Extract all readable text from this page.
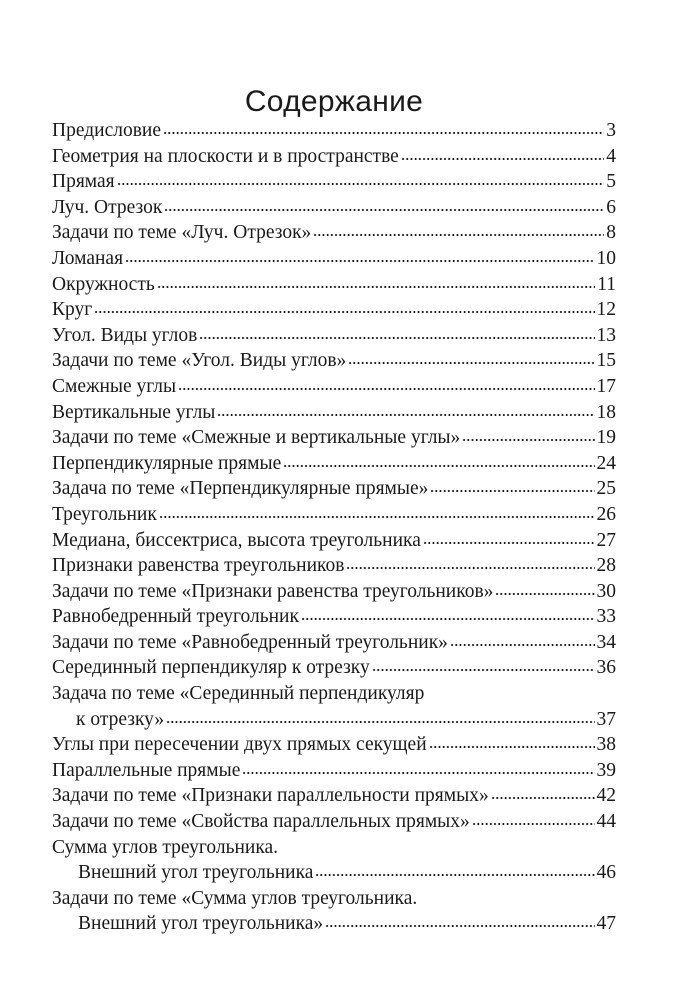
Содержание
Предисловие	3
Геометрия на плоскости и в пространстве	4
Прямая	5
Луч. Отрезок	6
Задачи по теме «Луч. Отрезок»	8
Ломаная	10
Окружность	11
Круг	12
Угол. Виды углов	13
Задачи по теме «Угол. Виды углов»	15
Смежные углы	17
Вертикальные углы	18
Задачи по теме «Смежные и вертикальные углы»	19
Перпендикулярные прямые	24
Задача по теме «Перпендикулярные прямые»	25
Треугольник	26
Медиана, биссектриса, высота треугольника	27
Признаки равенства треугольников	28
Задачи по теме «Признаки равенства треугольников»	30
Равнобедренный треугольник	33
Задачи по теме «Равнобедренный треугольник»	34
Серединный перпендикуляр к отрезку	36
Задача по теме «Серединный перпендикуляр
к отрезку»	37
Углы при пересечении двух прямых секущей	38
Параллельные прямые	39
Задачи по теме «Признаки параллельности прямых»	42
Задачи по теме «Свойства параллельных прямых»	44
Сумма углов треугольника.
Внешний угол треугольника	46
Задачи по теме «Сумма углов треугольника.
Внешний угол треугольника»	47
